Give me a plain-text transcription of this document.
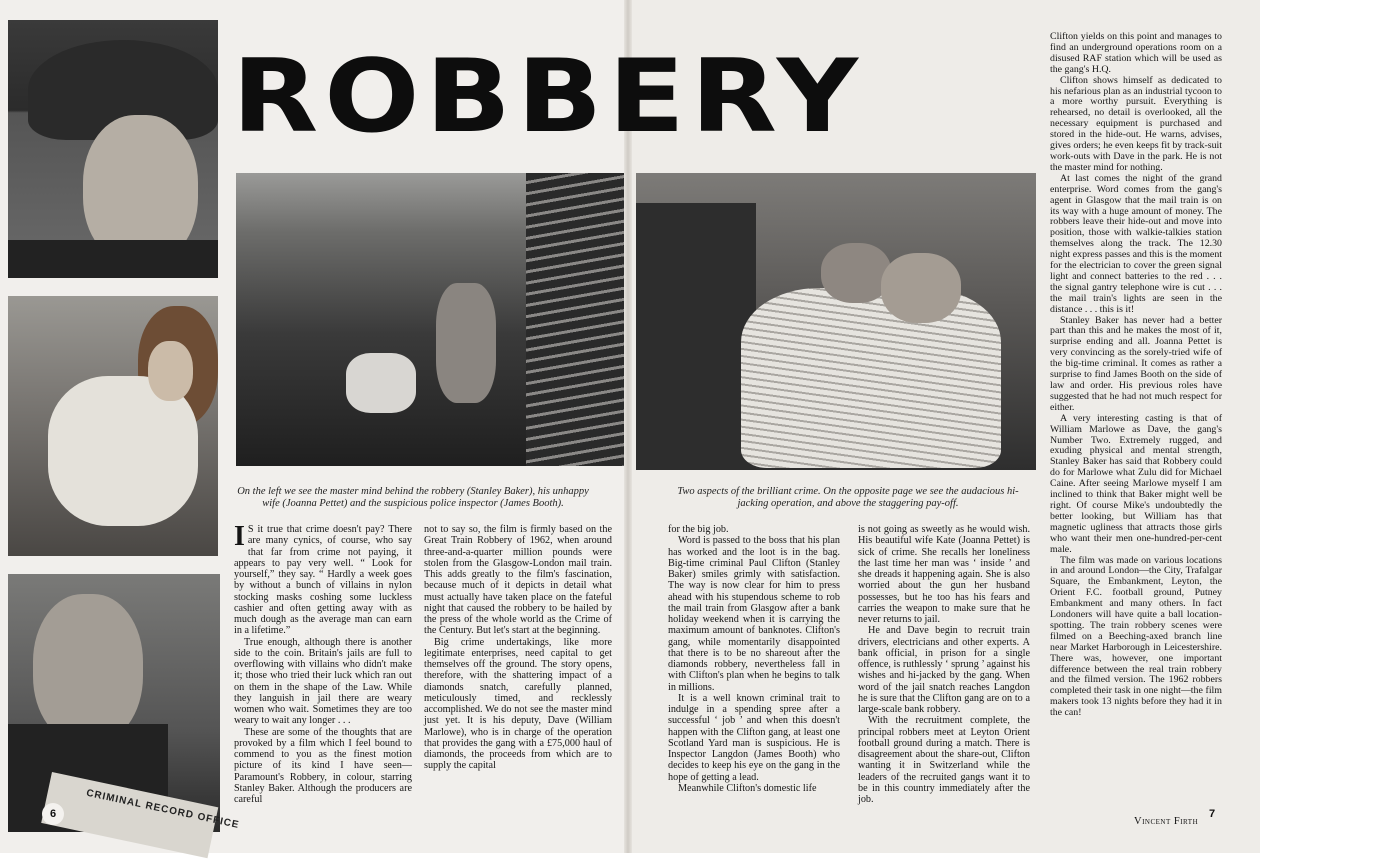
CRIMINAL RECORD OFFICE
6
ROBBERY
On the left we see the master mind behind the robbery (Stanley Baker), his unhappy wife (Joanna Pettet) and the suspicious police inspector (James Booth).
Two aspects of the brilliant crime. On the opposite page we see the audacious hi-jacking operation, and above the staggering pay-off.

I S it true that crime doesn't pay? There are many cynics, of course, who say that far from crime not paying, it appears to pay very well. “ Look for yourself,” they say. “ Hardly a week goes by without a bunch of villains in nylon stocking masks coshing some luckless cashier and often getting away with as much dough as the average man can earn in a lifetime.”

True enough, although there is another side to the coin. Britain's jails are full to overflowing with villains who didn't make it; those who tried their luck which ran out on them in the shape of the Law. While they languish in jail there are weary women who wait. Sometimes they are too weary to wait any longer . . .

These are some of the thoughts that are provoked by a film which I feel bound to commend to you as the finest motion picture of its kind I have seen—Paramount's Robbery, in colour, starring Stanley Baker. Although the producers are careful

not to say so, the film is firmly based on the Great Train Robbery of 1962, when around three-and-a-quarter million pounds were stolen from the Glasgow-London mail train. This adds greatly to the film's fascination, because much of it depicts in detail what must actually have taken place on the fateful night that caused the robbery to be hailed by the press of the whole world as the Crime of the Century. But let's start at the beginning.

Big crime undertakings, like more legitimate enterprises, need capital to get themselves off the ground. The story opens, therefore, with the shattering impact of a diamonds snatch, carefully planned, meticulously timed, and recklessly accomplished. We do not see the master mind just yet. It is his deputy, Dave (William Marlowe), who is in charge of the operation that provides the gang with a £75,000 haul of diamonds, the proceeds from which are to supply the capital

for the big job.

Word is passed to the boss that his plan has worked and the loot is in the bag. Big-time criminal Paul Clifton (Stanley Baker) smiles grimly with satisfaction. The way is now clear for him to press ahead with his stupendous scheme to rob the mail train from Glasgow after a bank holiday weekend when it is carrying the maximum amount of banknotes. Clifton's gang, while momentarily disappointed that there is to be no shareout after the diamonds robbery, nevertheless fall in with Clifton's plan when he begins to talk in millions.

It is a well known criminal trait to indulge in a spending spree after a successful ‘ job ’ and when this doesn't happen with the Clifton gang, at least one Scotland Yard man is suspicious. He is Inspector Langdon (James Booth) who decides to keep his eye on the gang in the hope of getting a lead.

Meanwhile Clifton's domestic life

is not going as sweetly as he would wish. His beautiful wife Kate (Joanna Pettet) is sick of crime. She recalls her loneliness the last time her man was ‘ inside ’ and she dreads it happening again. She is also worried about the gun her husband possesses, but he too has his fears and carries the weapon to make sure that he never returns to jail.

He and Dave begin to recruit train drivers, electricians and other experts. A bank official, in prison for a single offence, is ruthlessly ‘ sprung ’ against his wishes and hi-jacked by the gang. When word of the jail snatch reaches Langdon he is sure that the Clifton gang are on to a large-scale bank robbery.

With the recruitment complete, the principal robbers meet at Leyton Orient football ground during a match. There is disagreement about the share-out, Clifton wanting it in Switzerland while the leaders of the recruited gangs want it to be in this country immediately after the job.

Clifton yields on this point and manages to find an underground operations room on a disused RAF station which will be used as the gang's H.Q.

Clifton shows himself as dedicated to his nefarious plan as an industrial tycoon to a more worthy pursuit. Everything is rehearsed, no detail is overlooked, all the necessary equipment is purchased and stored in the hide-out. He warns, advises, gives orders; he even keeps fit by track-suit work-outs with Dave in the park. He is not the master mind for nothing.

At last comes the night of the grand enterprise. Word comes from the gang's agent in Glasgow that the mail train is on its way with a huge amount of money. The robbers leave their hide-out and move into position, those with walkie-talkies station themselves along the track. The 12.30 night express passes and this is the moment for the electrician to cover the green signal light and connect batteries to the red . . . the signal gantry telephone wire is cut . . . the mail train's lights are seen in the distance . . . this is it!

Stanley Baker has never had a better part than this and he makes the most of it, surprise ending and all. Joanna Pettet is very convincing as the sorely-tried wife of the big-time criminal. It comes as rather a surprise to find James Booth on the side of law and order. His previous roles have suggested that he had not much respect for either.

A very interesting casting is that of William Marlowe as Dave, the gang's Number Two. Extremely rugged, and exuding physical and mental strength, Stanley Baker has said that Robbery could do for Marlowe what Zulu did for Michael Caine. After seeing Marlowe myself I am inclined to think that Baker might well be right. Of course Mike's undoubtedly the better looking, but William has that magnetic ugliness that attracts those girls who want their men one-hundred-per-cent male.

The film was made on various locations in and around London—the City, Trafalgar Square, the Embankment, Leyton, the Orient F.C. football ground, Putney Embankment and many others. In fact Londoners will have quite a ball location-spotting. The train robbery scenes were filmed on a Beeching-axed branch line near Market Harborough in Leicestershire. There was, however, one important difference between the real train robbery and the filmed version. The 1962 robbers completed their task in one night—the film makers took 13 nights before they had it in the can!

Vincent Firth
7
